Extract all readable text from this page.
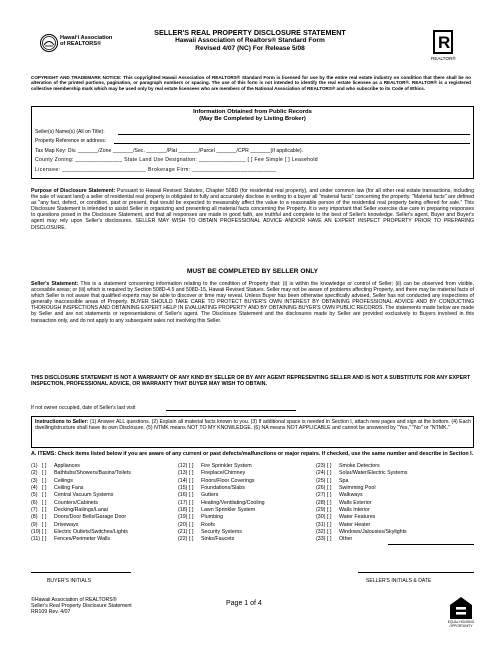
Hawai‘i Association of REALTORS®
SELLER'S REAL PROPERTY DISCLOSURE STATEMENT
Hawaii Association of Realtors® Standard Form
Revised 4/07 (NC) For Release 5/08	R
REALTOR®
COPYRIGHT AND TRADEMARK NOTICE: This copyrighted Hawaii Association of REALTORS® Standard Form is licensed for use by the entire real estate industry on condition that there shall be no alteration of the printed portions, pagination, or paragraph numbers or spacing. The use of this form is not intended to identify the real estate licensee as a REALTOR®. REALTOR® is a registered collective membership mark which may be used only by real estate licensees who are members of the National Association of REALTORS® and who subscribe to its Code of Ethics.
Information Obtained from Public Records
(May Be Completed by Listing Broker)
Seller(s) Name(s) (All on Title):
Property Reference or address:
Tax Map Key: Div. _______/Zone _______/Sec. _______/Plat _______/Parcel _______/CPR _______(if applicable).
County Zoning: _______________ State Land Use Designation: _______________ [ ] Fee Simple [ ] Leasehold
Licensee: __________________________ Brokerage Firm: __________________________
Purpose of Disclosure Statement: Pursuant to Hawaii Revised Statutes, Chapter 508D (for residential real property), and under common law (for all other real estate transactions, including the sale of vacant land) a seller of residential real property is obligated to fully and accurately disclose in writing to a buyer all "material facts" concerning the property. "Material facts" are defined as "any fact, defect, or condition, past or present, that would be expected to measurably affect the value to a reasonable person of the residential real property being offered for sale." This Disclosure Statement is intended to assist Seller in organizing and presenting all material facts concerning the Property. It is very important that Seller exercise due care in preparing responses to questions posed in the Disclosure Statement, and that all responses are made in good faith, are truthful and complete to the best of Seller's knowledge. Seller's agent, Buyer and Buyer's agent may rely upon Seller's disclosures. SELLER MAY WISH TO OBTAIN PROFESSIONAL ADVICE AND/OR HAVE AN EXPERT INSPECT PROPERTY PRIOR TO PREPARING DISCLOSURE.
MUST BE COMPLETED BY SELLER ONLY
Seller's Statement: This is a statement concerning information relating to the condition of Property that: (i) is within the knowledge or control of Seller; (ii) can be observed from visible, accessible areas; or (iii) which is required by Section 508D-4.5 and 508D-15, Hawaii Revised Statues. Seller may not be aware of problems affecting Property, and there may be material facts of which Seller is not aware that qualified experts may be able to discover or time may reveal. Unless Buyer has been otherwise specifically advised, Seller has not conducted any inspections of generally inaccessible areas of Property. BUYER SHOULD TAKE CARE TO PROTECT BUYER'S OWN INTEREST BY OBTAINING PROFESSIONAL ADVICE AND BY CONDUCTING THOROUGH INSPECTIONS AND OBTAINING EXPERT HELP IN EVALUATING PROPERTY AND BY OBTAINING BUYER'S OWN PUBLIC RECORDS. The statements made below are made by Seller and are not statements or representations of Seller's agent. The Disclosure Statement and the disclosures made by Seller are provided exclusively to Buyers involved in this transaction only, and do not apply to any subsequent sales not involving this Seller.
THIS DISCLOSURE STATEMENT IS NOT A WARRANTY OF ANY KIND BY SELLER OR BY ANY AGENT REPRESENTING SELLER AND IS NOT A SUBSTITUTE FOR ANY EXPERT INSPECTION, PROFESSIONAL ADVICE, OR WARRANTY THAT BUYER MAY WISH TO OBTAIN.
If not owner occupied, date of Seller's last visit
Instructions to Seller: (1) Answer ALL questions. (2) Explain all material facts known to you. (3) If additional space is needed in Section I, attach new pages and sign at the bottom. (4) Each dwelling/structure shall have its own Disclosure. (5) NTMK means NOT TO MY KNOWLEDGE. (6) NA means NOT APPLICABLE and cannot be answered by "Yes," "No" or "NTMK."
A. ITEMS: Check items listed below if you are aware of any current or past defects/malfunctions or major repairs. If checked, use the same number and describe in Section I.
(1) [ ] Appliances
(2) [ ] Bathtubs/Showers/Basins/Toilets
(3) [ ] Ceilings
(4) [ ] Ceiling Fans
(5) [ ] Central Vacuum Systems
(6) [ ] Counters/Cabinets
(7) [ ] Decking/Railings/Lanai
(8) [ ] Doors/Door Bells/Garage Door
(9) [ ] Driveways
(10) [ ] Electric Outlets/Switches/Lights
(11) [ ] Fences/Perimeter Walls
(12) [ ] Fire Sprinkler System
(13) [ ] Fireplace/Chimney
(14) [ ] Floors/Floor Coverings
(15) [ ] Foundations/Slabs
(16) [ ] Gutters
(17) [ ] Heating/Ventilating/Cooling
(18) [ ] Lawn Sprinkler System
(19) [ ] Plumbing
(20) [ ] Roofs
(21) [ ] Security Systems
(22) [ ] Sinks/Faucets
(23) [ ] Smoke Detectors
(24) [ ] Solar/Water/Electric Systems
(25) [ ] Spa
(26) [ ] Swimming Pool
(27) [ ] Walkways
(28) [ ] Walls Exterior
(29) [ ] Walls Interior
(30) [ ] Water Features
(31) [ ] Water Heater
(32) [ ] Windows/Jalousies/Skylights
(33) [ ] Other
BUYER'S INITIALS	SELLER'S INITIALS & DATE
©Hawaii Association of REALTORS®
Seller's Real Property Disclosure Statement
RR109 Rev. 4/07
Page 1 of 4
EQUAL HOUSING OPPORTUNITY
